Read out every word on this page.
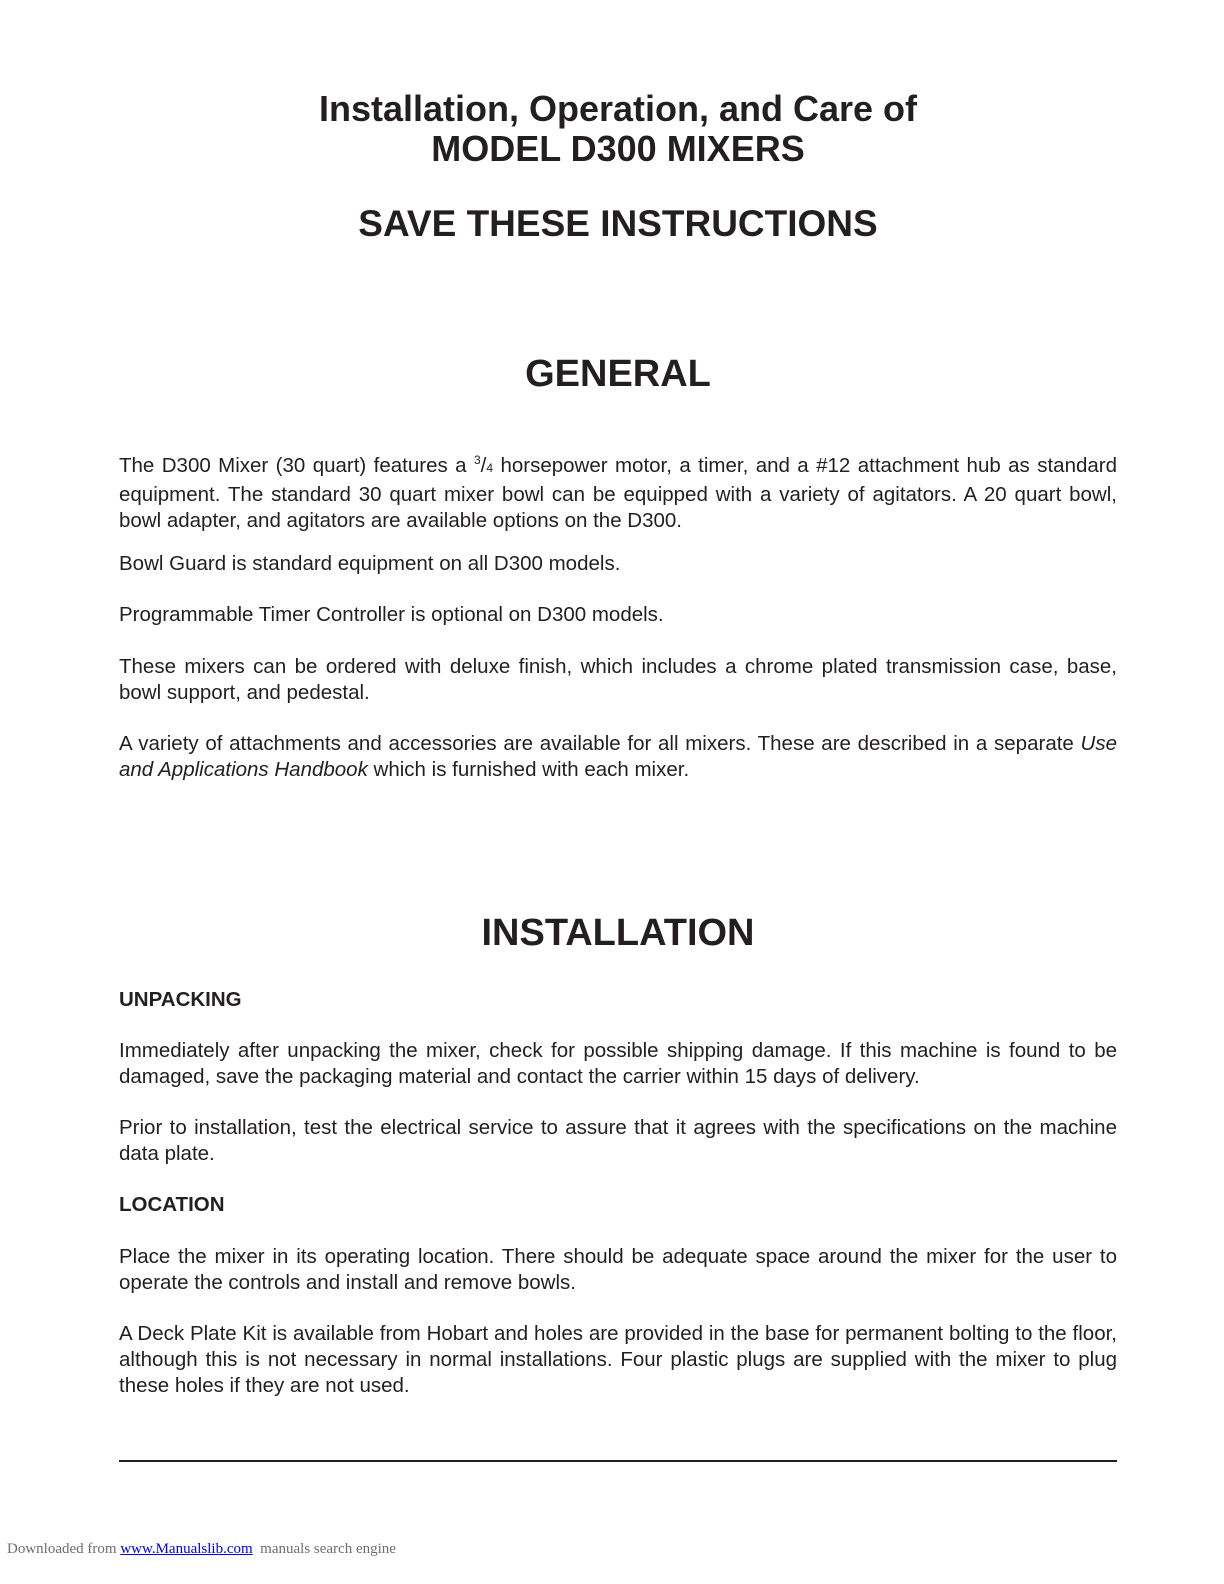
Installation, Operation, and Care of
MODEL D300 MIXERS
SAVE THESE INSTRUCTIONS
GENERAL

The D300 Mixer (30 quart) features a $^3$/4 horsepower motor, a timer, and a #12 attachment hub as standard equipment. The standard 30 quart mixer bowl can be equipped with a variety of agitators. A 20 quart bowl, bowl adapter, and agitators are available options on the D300.

Bowl Guard is standard equipment on all D300 models.

Programmable Timer Controller is optional on D300 models.

These mixers can be ordered with deluxe finish, which includes a chrome plated transmission case, base, bowl support, and pedestal.

A variety of attachments and accessories are available for all mixers. These are described in a separate Use and Applications Handbook which is furnished with each mixer.

INSTALLATION
UNPACKING

Immediately after unpacking the mixer, check for possible shipping damage. If this machine is found to be damaged, save the packaging material and contact the carrier within 15 days of delivery.

Prior to installation, test the electrical service to assure that it agrees with the specifications on the machine data plate.

LOCATION

Place the mixer in its operating location. There should be adequate space around the mixer for the user to operate the controls and install and remove bowls.

A Deck Plate Kit is available from Hobart and holes are provided in the base for permanent bolting to the floor, although this is not necessary in normal installations. Four plastic plugs are supplied with the mixer to plug these holes if they are not used.

Downloaded from www.Manualslib.com  manuals search engine
